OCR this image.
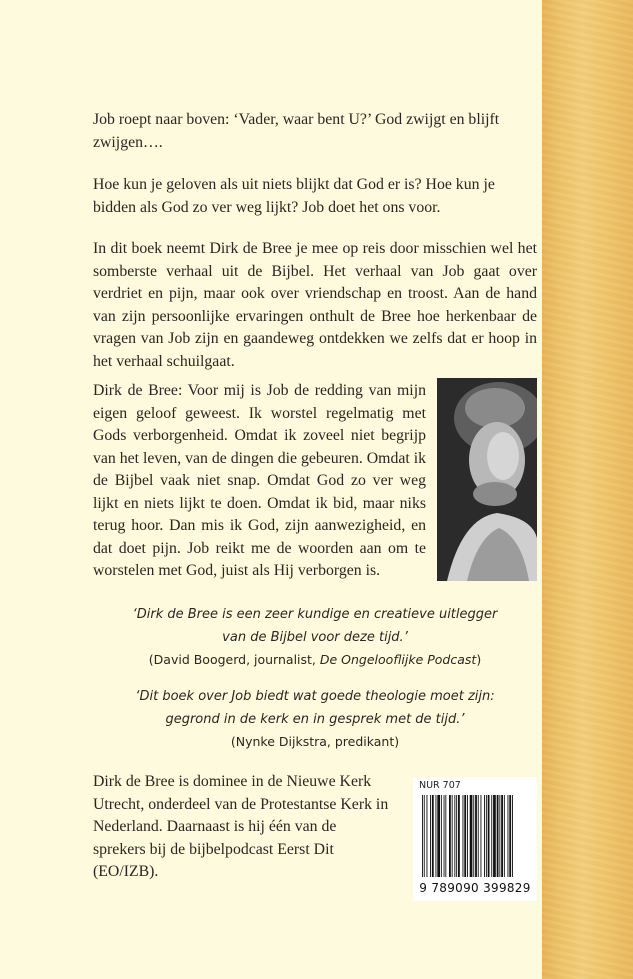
Job roept naar boven: ‘Vader, waar bent U?’ God zwijgt en blijft zwijgen….

Hoe kun je geloven als uit niets blijkt dat God er is? Hoe kun je bidden als God zo ver weg lijkt? Job doet het ons voor.

In dit boek neemt Dirk de Bree je mee op reis door misschien wel het somberste verhaal uit de Bijbel. Het verhaal van Job gaat over verdriet en pijn, maar ook over vriendschap en troost. Aan de hand van zijn persoonlijke ervaringen onthult de Bree hoe herkenbaar de vragen van Job zijn en gaandeweg ontdekken we zelfs dat er hoop in het verhaal schuilgaat.

Dirk de Bree: Voor mij is Job de redding van mijn eigen geloof geweest. Ik worstel regelmatig met Gods verborgenheid. Omdat ik zoveel niet begrijp van het leven, van de dingen die gebeuren. Omdat ik de Bijbel vaak niet snap. Omdat God zo ver weg lijkt en niets lijkt te doen. Omdat ik bid, maar niks terug hoor. Dan mis ik God, zijn aanwezigheid, en dat doet pijn. Job reikt me de woorden aan om te worstelen met God, juist als Hij verborgen is.

Dirk de Bree is dominee in de Nieuwe Kerk Utrecht, onderdeel van de Protestantse Kerk in Nederland. Daarnaast is hij één van de sprekers bij de bijbelpodcast Eerst Dit (EO/IZB).

‘Dirk de Bree is een zeer kundige en creatieve uitlegger
van de Bijbel voor deze tijd.’
(David Boogerd, journalist, De Ongelooflijke Podcast)
‘Dit boek over Job biedt wat goede theologie moet zijn:
gegrond in de kerk en in gesprek met de tijd.’
(Nynke Dijkstra, predikant)
NUR 707
9 789090 399829
